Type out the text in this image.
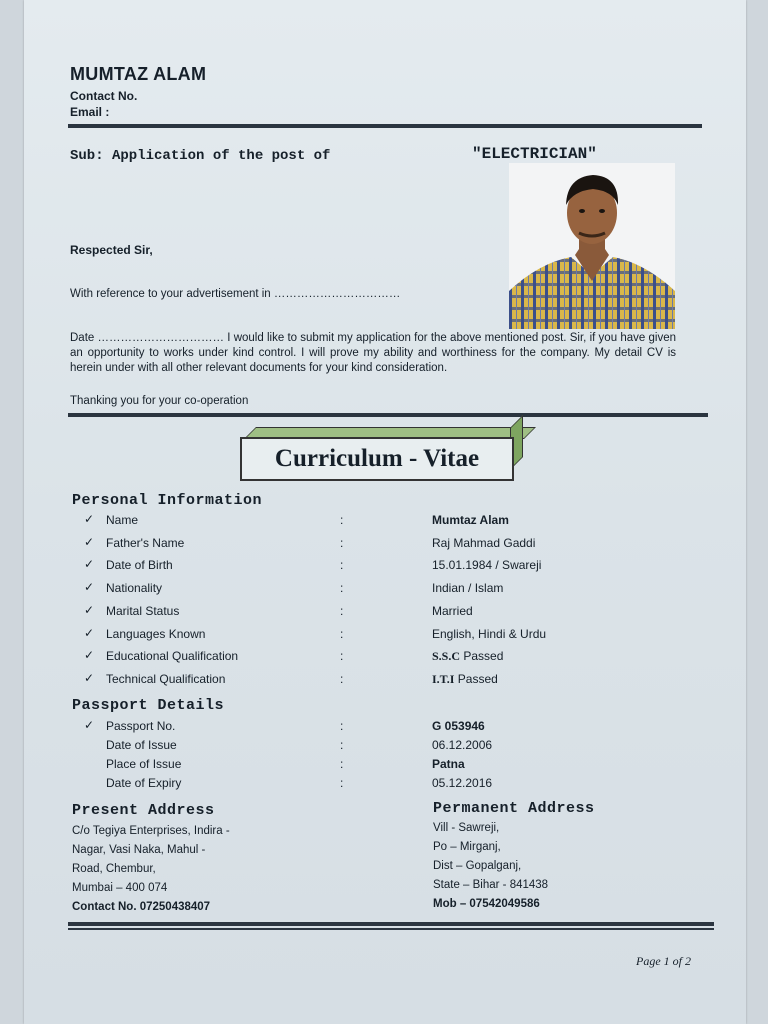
MUMTAZ ALAM
Contact No.
Email :
Sub: Application of the post of	"ELECTRICIAN"
Respected Sir,
With reference to your advertisement in ……………………………
Date …………………………… I would like to submit my application for the above mentioned post. Sir, if you have given an opportunity to works under kind control. I will prove my ability and worthiness for the company. My detail CV is herein under with all other relevant documents for your kind consideration.
Thanking you for your co-operation
Curriculum - Vitae
Personal Information
✓ Name	:	Mumtaz Alam
✓ Father's Name	:	Raj Mahmad Gaddi
✓ Date of Birth	:	15.01.1984 / Swareji
✓ Nationality	:	Indian / Islam
✓ Marital Status	:	Married
✓ Languages Known	:	English, Hindi & Urdu
✓ Educational Qualification	:	S.S.C Passed
✓ Technical Qualification	:	I.T.I Passed
Passport Details
✓ Passport No.	:	G 053946
Date of Issue	:	06.12.2006
Place of Issue	:	Patna
Date of Expiry	:	05.12.2016
Present Address
C/o Tegiya Enterprises, Indira -
Nagar, Vasi Naka, Mahul -
Road, Chembur,
Mumbai – 400 074
Contact No. 07250438407
Permanent Address
Vill - Sawreji,
Po – Mirganj,
Dist – Gopalganj,
State – Bihar - 841438
Mob – 07542049586
Page 1 of 2
